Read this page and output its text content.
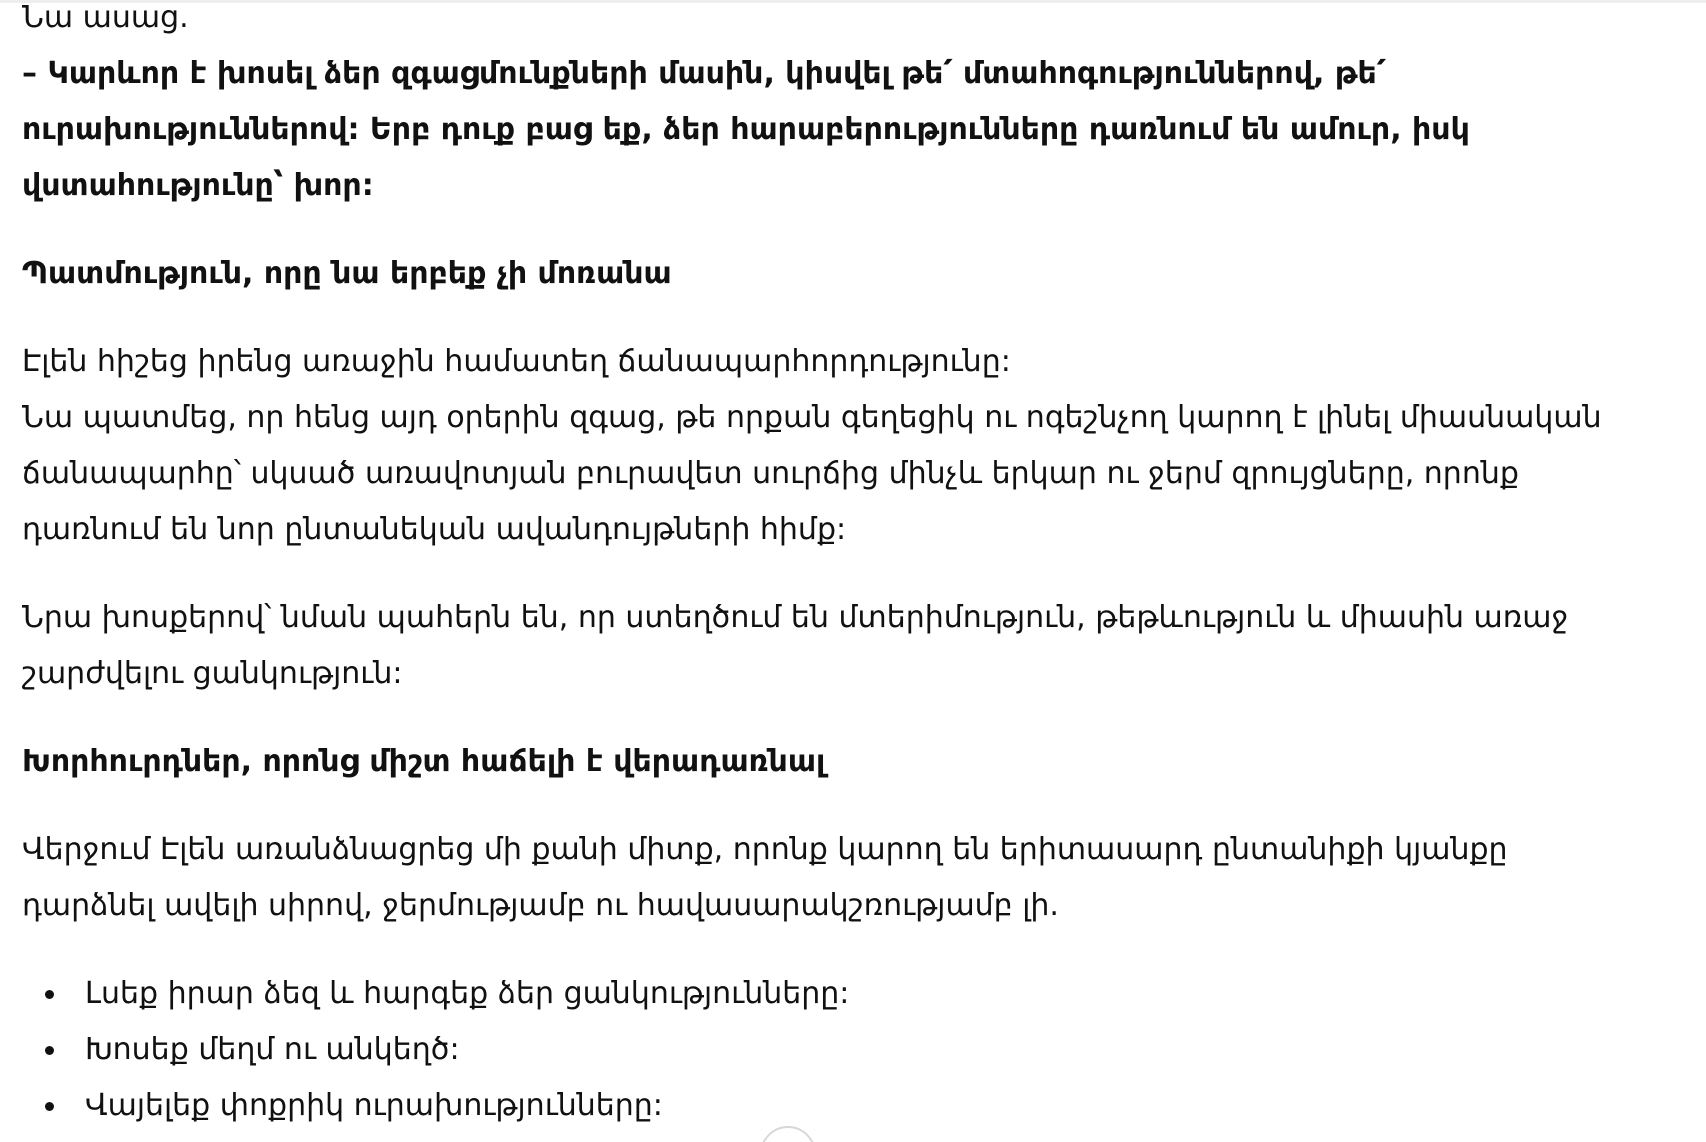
Նա ասաց.

– Կարևոր է խոսել ձեր զգացմունքների մասին, կիսվել թե՛ մտահոգություններով, թե՛

ուրախություններով: Երբ դուք բաց եք, ձեր հարաբերությունները դառնում են ամուր, իսկ

վստահությունը՝ խոր:

Պատմություն, որը նա երբեք չի մոռանա

Էլեն հիշեց իրենց առաջին համատեղ ճանապարհորդությունը:

Նա պատմեց, որ հենց այդ օրերին զգաց, թե որքան գեղեցիկ ու ոգեշնչող կարող է լինել միասնական

ճանապարհը՝ սկսած առավոտյան բուրավետ սուրճից մինչև երկար ու ջերմ զրույցները, որոնք

դառնում են նոր ընտանեկան ավանդույթների հիմք:

Նրա խոսքերով՝ նման պահերն են, որ ստեղծում են մտերիմություն, թեթևություն և միասին առաջ

շարժվելու ցանկություն:

Խորհուրդներ, որոնց միշտ հաճելի է վերադառնալ

Վերջում Էլեն առանձնացրեց մի քանի միտք, որոնք կարող են երիտասարդ ընտանիքի կյանքը

դարձնել ավելի սիրով, ջերմությամբ ու հավասարակշռությամբ լի.

Լսեք իրար ձեզ և հարգեք ձեր ցանկությունները:
Խոսեք մեղմ ու անկեղծ:
Վայելեք փոքրիկ ուրախությունները:
